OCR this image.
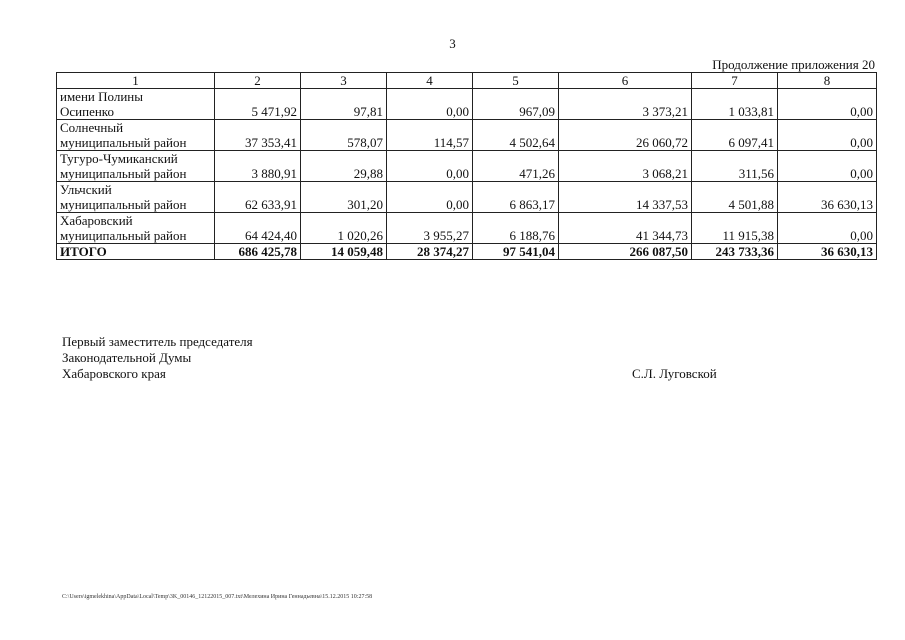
3
Продолжение приложения 20
1	2	3	4	5	6	7	8

имени Полины
Осипенко	5 471,92	97,81	0,00	967,09	3 373,21	1 033,81	0,00

Солнечный
муниципальный район	37 353,41	578,07	114,57	4 502,64	26 060,72	6 097,41	0,00

Тугуро-Чумиканский
муниципальный район	3 880,91	29,88	0,00	471,26	3 068,21	311,56	0,00

Ульчский
муниципальный район	62 633,91	301,20	0,00	6 863,17	14 337,53	4 501,88	36 630,13

Хабаровский
муниципальный район	64 424,40	1 020,26	3 955,27	6 188,76	41 344,73	11 915,38	0,00
ИТОГО	686 425,78	14 059,48	28 374,27	97 541,04	266 087,50	243 733,36	36 630,13
Первый заместитель председателя
Законодательной Думы
Хабаровского края	С.Л. Луговской
C:\Users\igmelekhina\AppData\Local\Temp\3K_00146_12122015_007.txt\Мелехина Ирина Геннадьевна\15.12.2015 10:27:58
